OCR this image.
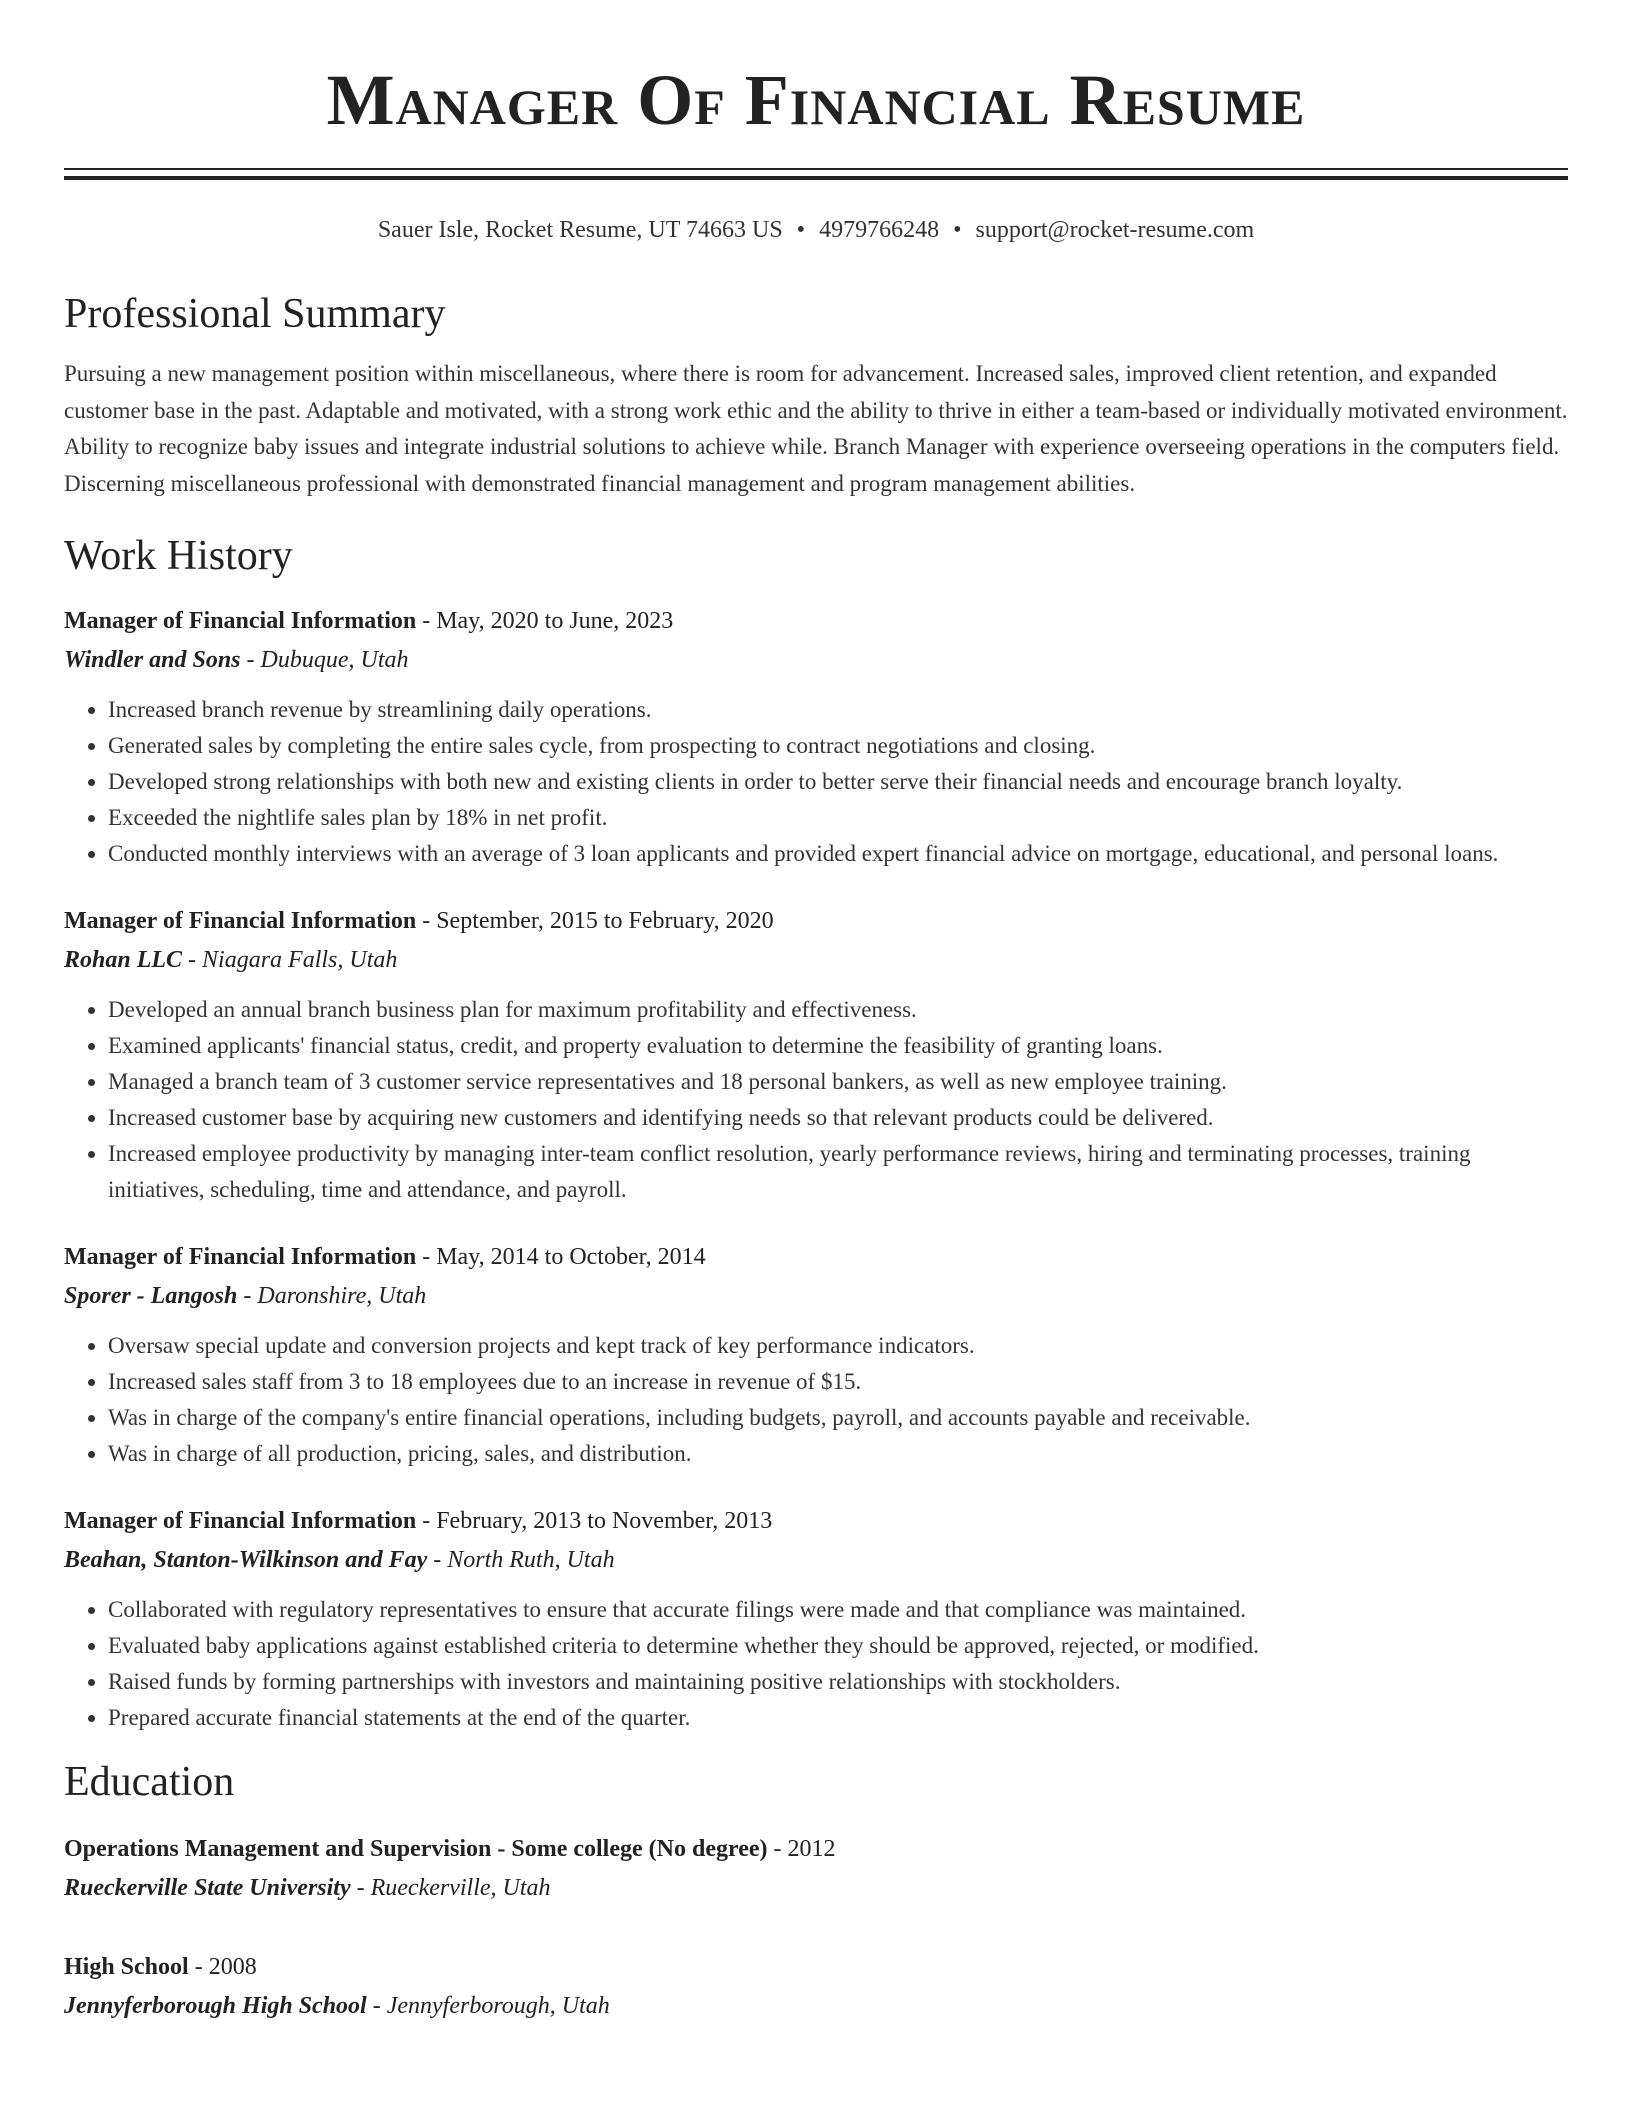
Manager Of Financial Resume
Sauer Isle, Rocket Resume, UT 74663 US • 4979766248 • support@rocket-resume.com
Professional Summary
Pursuing a new management position within miscellaneous, where there is room for advancement. Increased sales, improved client retention, and expanded customer base in the past. Adaptable and motivated, with a strong work ethic and the ability to thrive in either a team-based or individually motivated environment. Ability to recognize baby issues and integrate industrial solutions to achieve while. Branch Manager with experience overseeing operations in the computers field. Discerning miscellaneous professional with demonstrated financial management and program management abilities.
Work History
Manager of Financial Information - May, 2020 to June, 2023
Windler and Sons - Dubuque, Utah
• Increased branch revenue by streamlining daily operations.
• Generated sales by completing the entire sales cycle, from prospecting to contract negotiations and closing.
• Developed strong relationships with both new and existing clients in order to better serve their financial needs and encourage branch loyalty.
• Exceeded the nightlife sales plan by 18% in net profit.
• Conducted monthly interviews with an average of 3 loan applicants and provided expert financial advice on mortgage, educational, and personal loans.
Manager of Financial Information - September, 2015 to February, 2020
Rohan LLC - Niagara Falls, Utah
• Developed an annual branch business plan for maximum profitability and effectiveness.
• Examined applicants' financial status, credit, and property evaluation to determine the feasibility of granting loans.
• Managed a branch team of 3 customer service representatives and 18 personal bankers, as well as new employee training.
• Increased customer base by acquiring new customers and identifying needs so that relevant products could be delivered.
• Increased employee productivity by managing inter-team conflict resolution, yearly performance reviews, hiring and terminating processes, training initiatives, scheduling, time and attendance, and payroll.
Manager of Financial Information - May, 2014 to October, 2014
Sporer - Langosh - Daronshire, Utah
• Oversaw special update and conversion projects and kept track of key performance indicators.
• Increased sales staff from 3 to 18 employees due to an increase in revenue of $15.
• Was in charge of the company's entire financial operations, including budgets, payroll, and accounts payable and receivable.
• Was in charge of all production, pricing, sales, and distribution.
Manager of Financial Information - February, 2013 to November, 2013
Beahan, Stanton-Wilkinson and Fay - North Ruth, Utah
• Collaborated with regulatory representatives to ensure that accurate filings were made and that compliance was maintained.
• Evaluated baby applications against established criteria to determine whether they should be approved, rejected, or modified.
• Raised funds by forming partnerships with investors and maintaining positive relationships with stockholders.
• Prepared accurate financial statements at the end of the quarter.
Education
Operations Management and Supervision - Some college (No degree) - 2012
Rueckerville State University - Rueckerville, Utah
High School - 2008
Jennyferborough High School - Jennyferborough, Utah
